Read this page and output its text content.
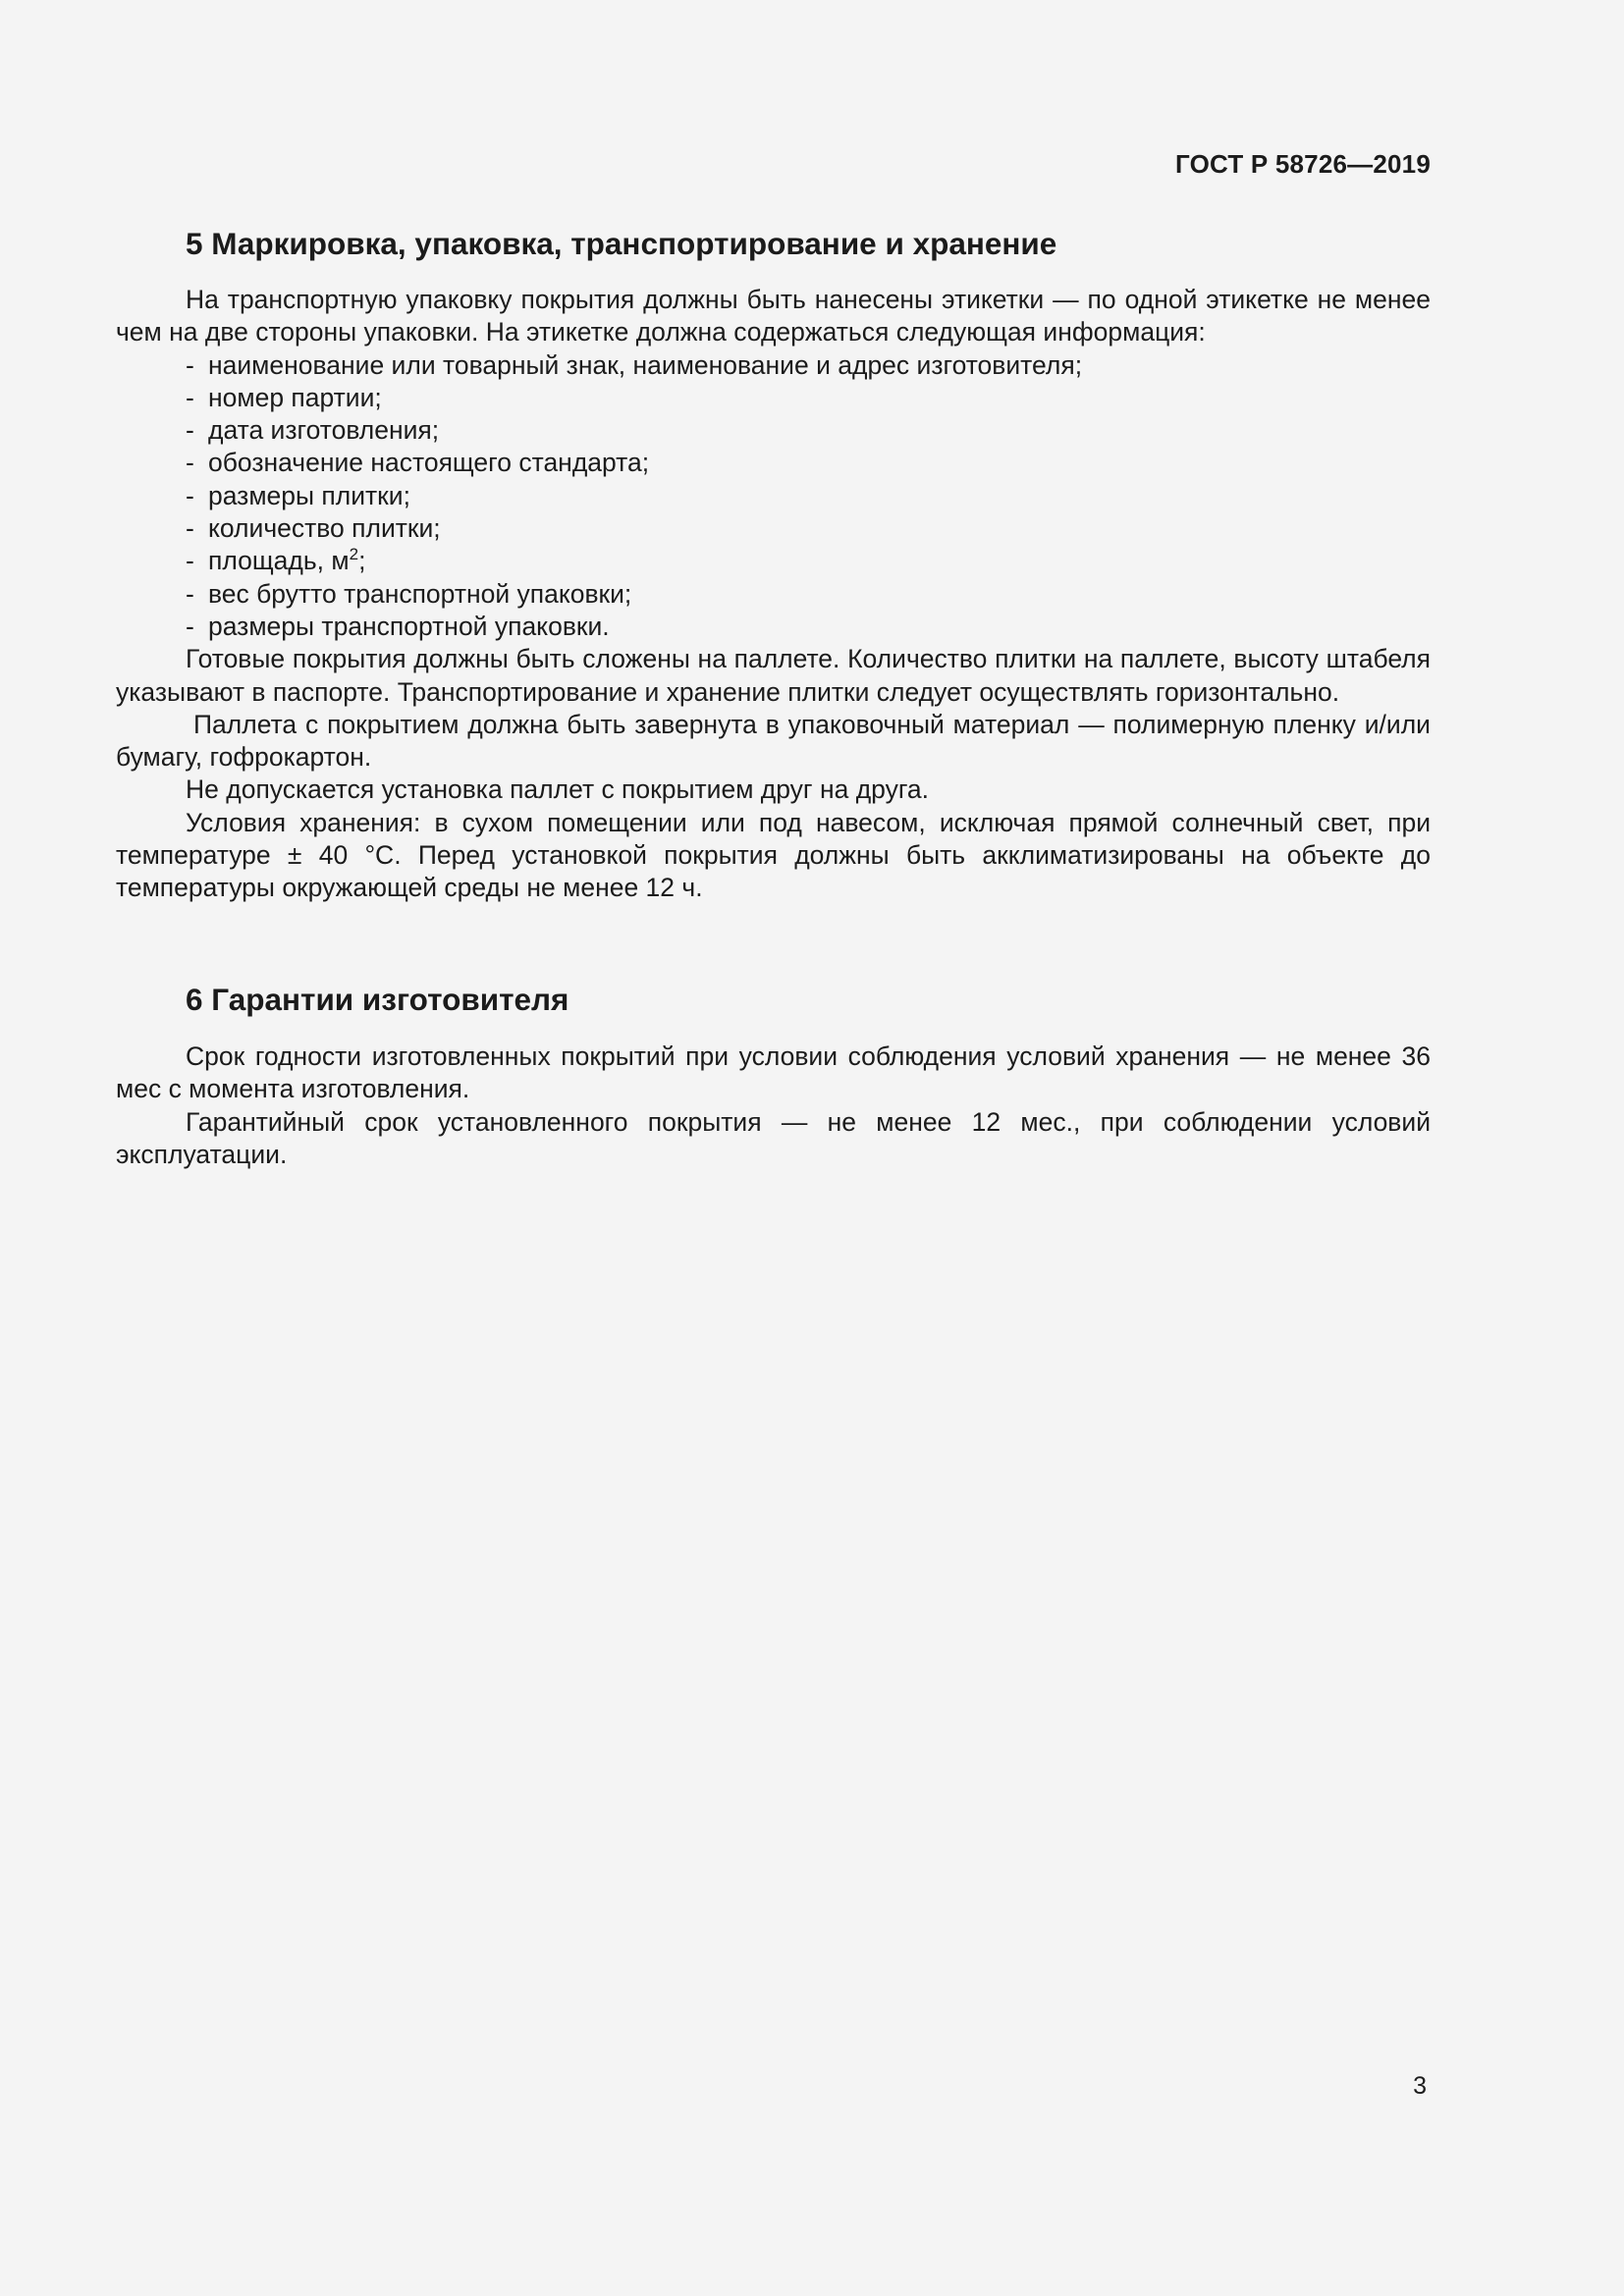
ГОСТ Р 58726—2019
5 Маркировка, упаковка, транспортирование и хранение

На транспортную упаковку покрытия должны быть нанесены этикетки — по одной этикетке не менее чем на две стороны упаковки. На этикетке должна содержаться следующая информация:

- наименование или товарный знак, наименование и адрес изготовителя;
- номер партии;
- дата изготовления;
- обозначение настоящего стандарта;
- размеры плитки;
- количество плитки;
- площадь, $м^2$;
- вес брутто транспортной упаковки;
- размеры транспортной упаковки.

Готовые покрытия должны быть сложены на паллете. Количество плитки на паллете, высоту штабеля указывают в паспорте. Транспортирование и хранение плитки следует осуществлять горизонтально.

Паллета с покрытием должна быть завернута в упаковочный материал — полимерную пленку и/или бумагу, гофрокартон.

Не допускается установка паллет с покрытием друг на друга.

Условия хранения: в сухом помещении или под навесом, исключая прямой солнечный свет, при температуре ± 40 °С. Перед установкой покрытия должны быть акклиматизированы на объекте до температуры окружающей среды не менее 12 ч.

6 Гарантии изготовителя

Срок годности изготовленных покрытий при условии соблюдения условий хранения — не менее 36 мес с момента изготовления.

Гарантийный срок установленного покрытия — не менее 12 мес., при соблюдении условий эксплуатации.

3
